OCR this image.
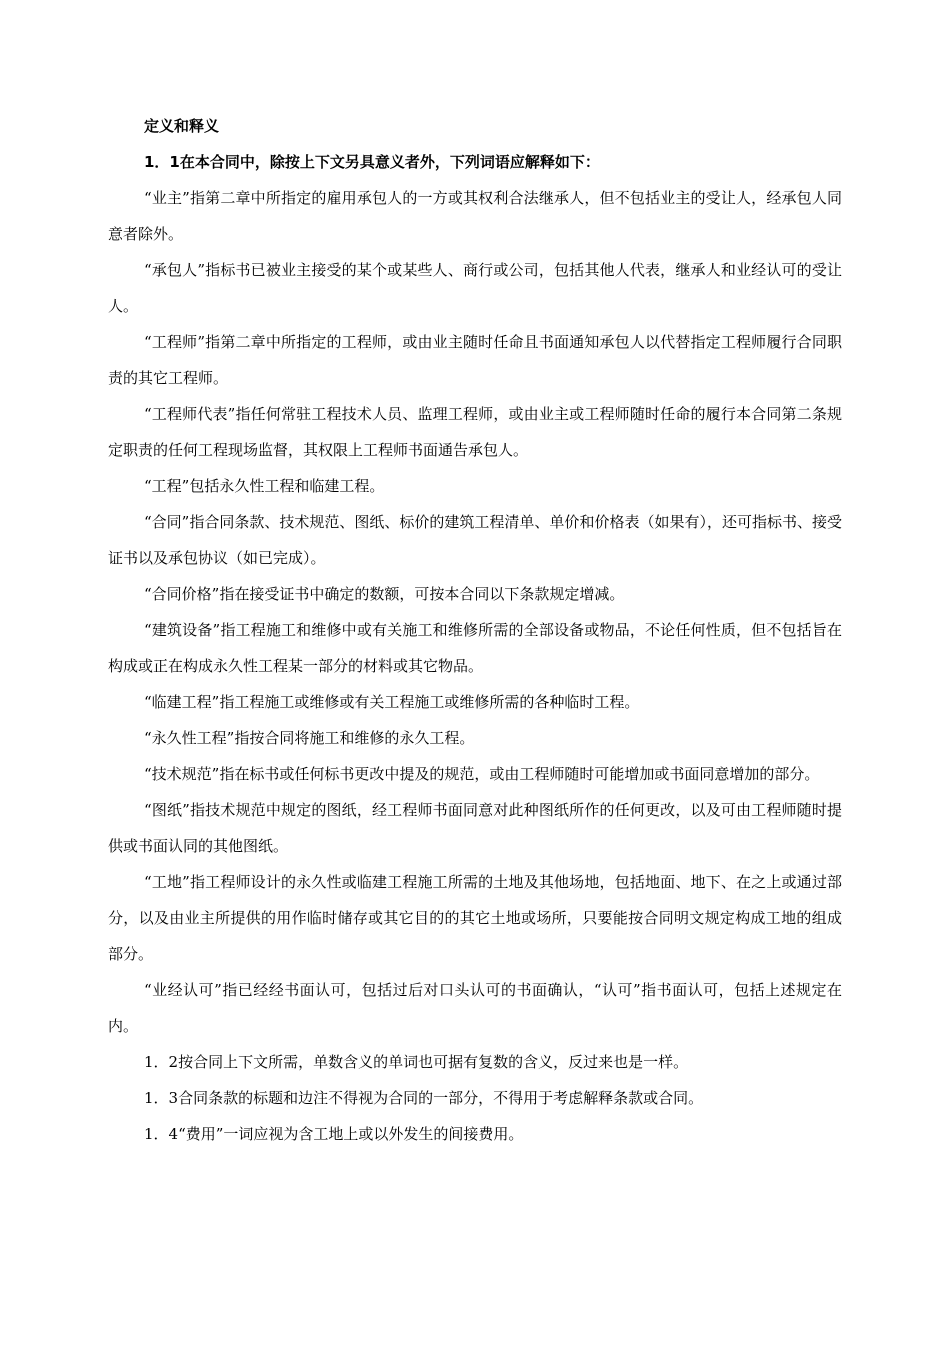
定义和释义

1．1在本合同中，除按上下文另具意义者外，下列词语应解释如下：

“业主”指第二章中所指定的雇用承包人的一方或其权利合法继承人，但不包括业主的受让人，经承包人同意者除外。

“承包人”指标书已被业主接受的某个或某些人、商行或公司，包括其他人代表，继承人和业经认可的受让人。

“工程师”指第二章中所指定的工程师，或由业主随时任命且书面通知承包人以代替指定工程师履行合同职责的其它工程师。

“工程师代表”指任何常驻工程技术人员、监理工程师，或由业主或工程师随时任命的履行本合同第二条规定职责的任何工程现场监督，其权限上工程师书面通告承包人。

“工程”包括永久性工程和临建工程。

“合同”指合同条款、技术规范、图纸、标价的建筑工程清单、单价和价格表（如果有），还可指标书、接受证书以及承包协议（如已完成）。

“合同价格”指在接受证书中确定的数额，可按本合同以下条款规定增减。

“建筑设备”指工程施工和维修中或有关施工和维修所需的全部设备或物品，不论任何性质，但不包括旨在构成或正在构成永久性工程某一部分的材料或其它物品。

“临建工程”指工程施工或维修或有关工程施工或维修所需的各种临时工程。

“永久性工程”指按合同将施工和维修的永久工程。

“技术规范”指在标书或任何标书更改中提及的规范，或由工程师随时可能增加或书面同意增加的部分。

“图纸”指技术规范中规定的图纸，经工程师书面同意对此种图纸所作的任何更改，以及可由工程师随时提供或书面认同的其他图纸。

“工地”指工程师设计的永久性或临建工程施工所需的土地及其他场地，包括地面、地下、在之上或通过部分，以及由业主所提供的用作临时储存或其它目的的其它土地或场所，只要能按合同明文规定构成工地的组成部分。

“业经认可”指已经经书面认可，包括过后对口头认可的书面确认，“认可”指书面认可，包括上述规定在内。

1．2按合同上下文所需，单数含义的单词也可据有复数的含义，反过来也是一样。

1．3合同条款的标题和边注不得视为合同的一部分，不得用于考虑解释条款或合同。

1．4“费用”一词应视为含工地上或以外发生的间接费用。
